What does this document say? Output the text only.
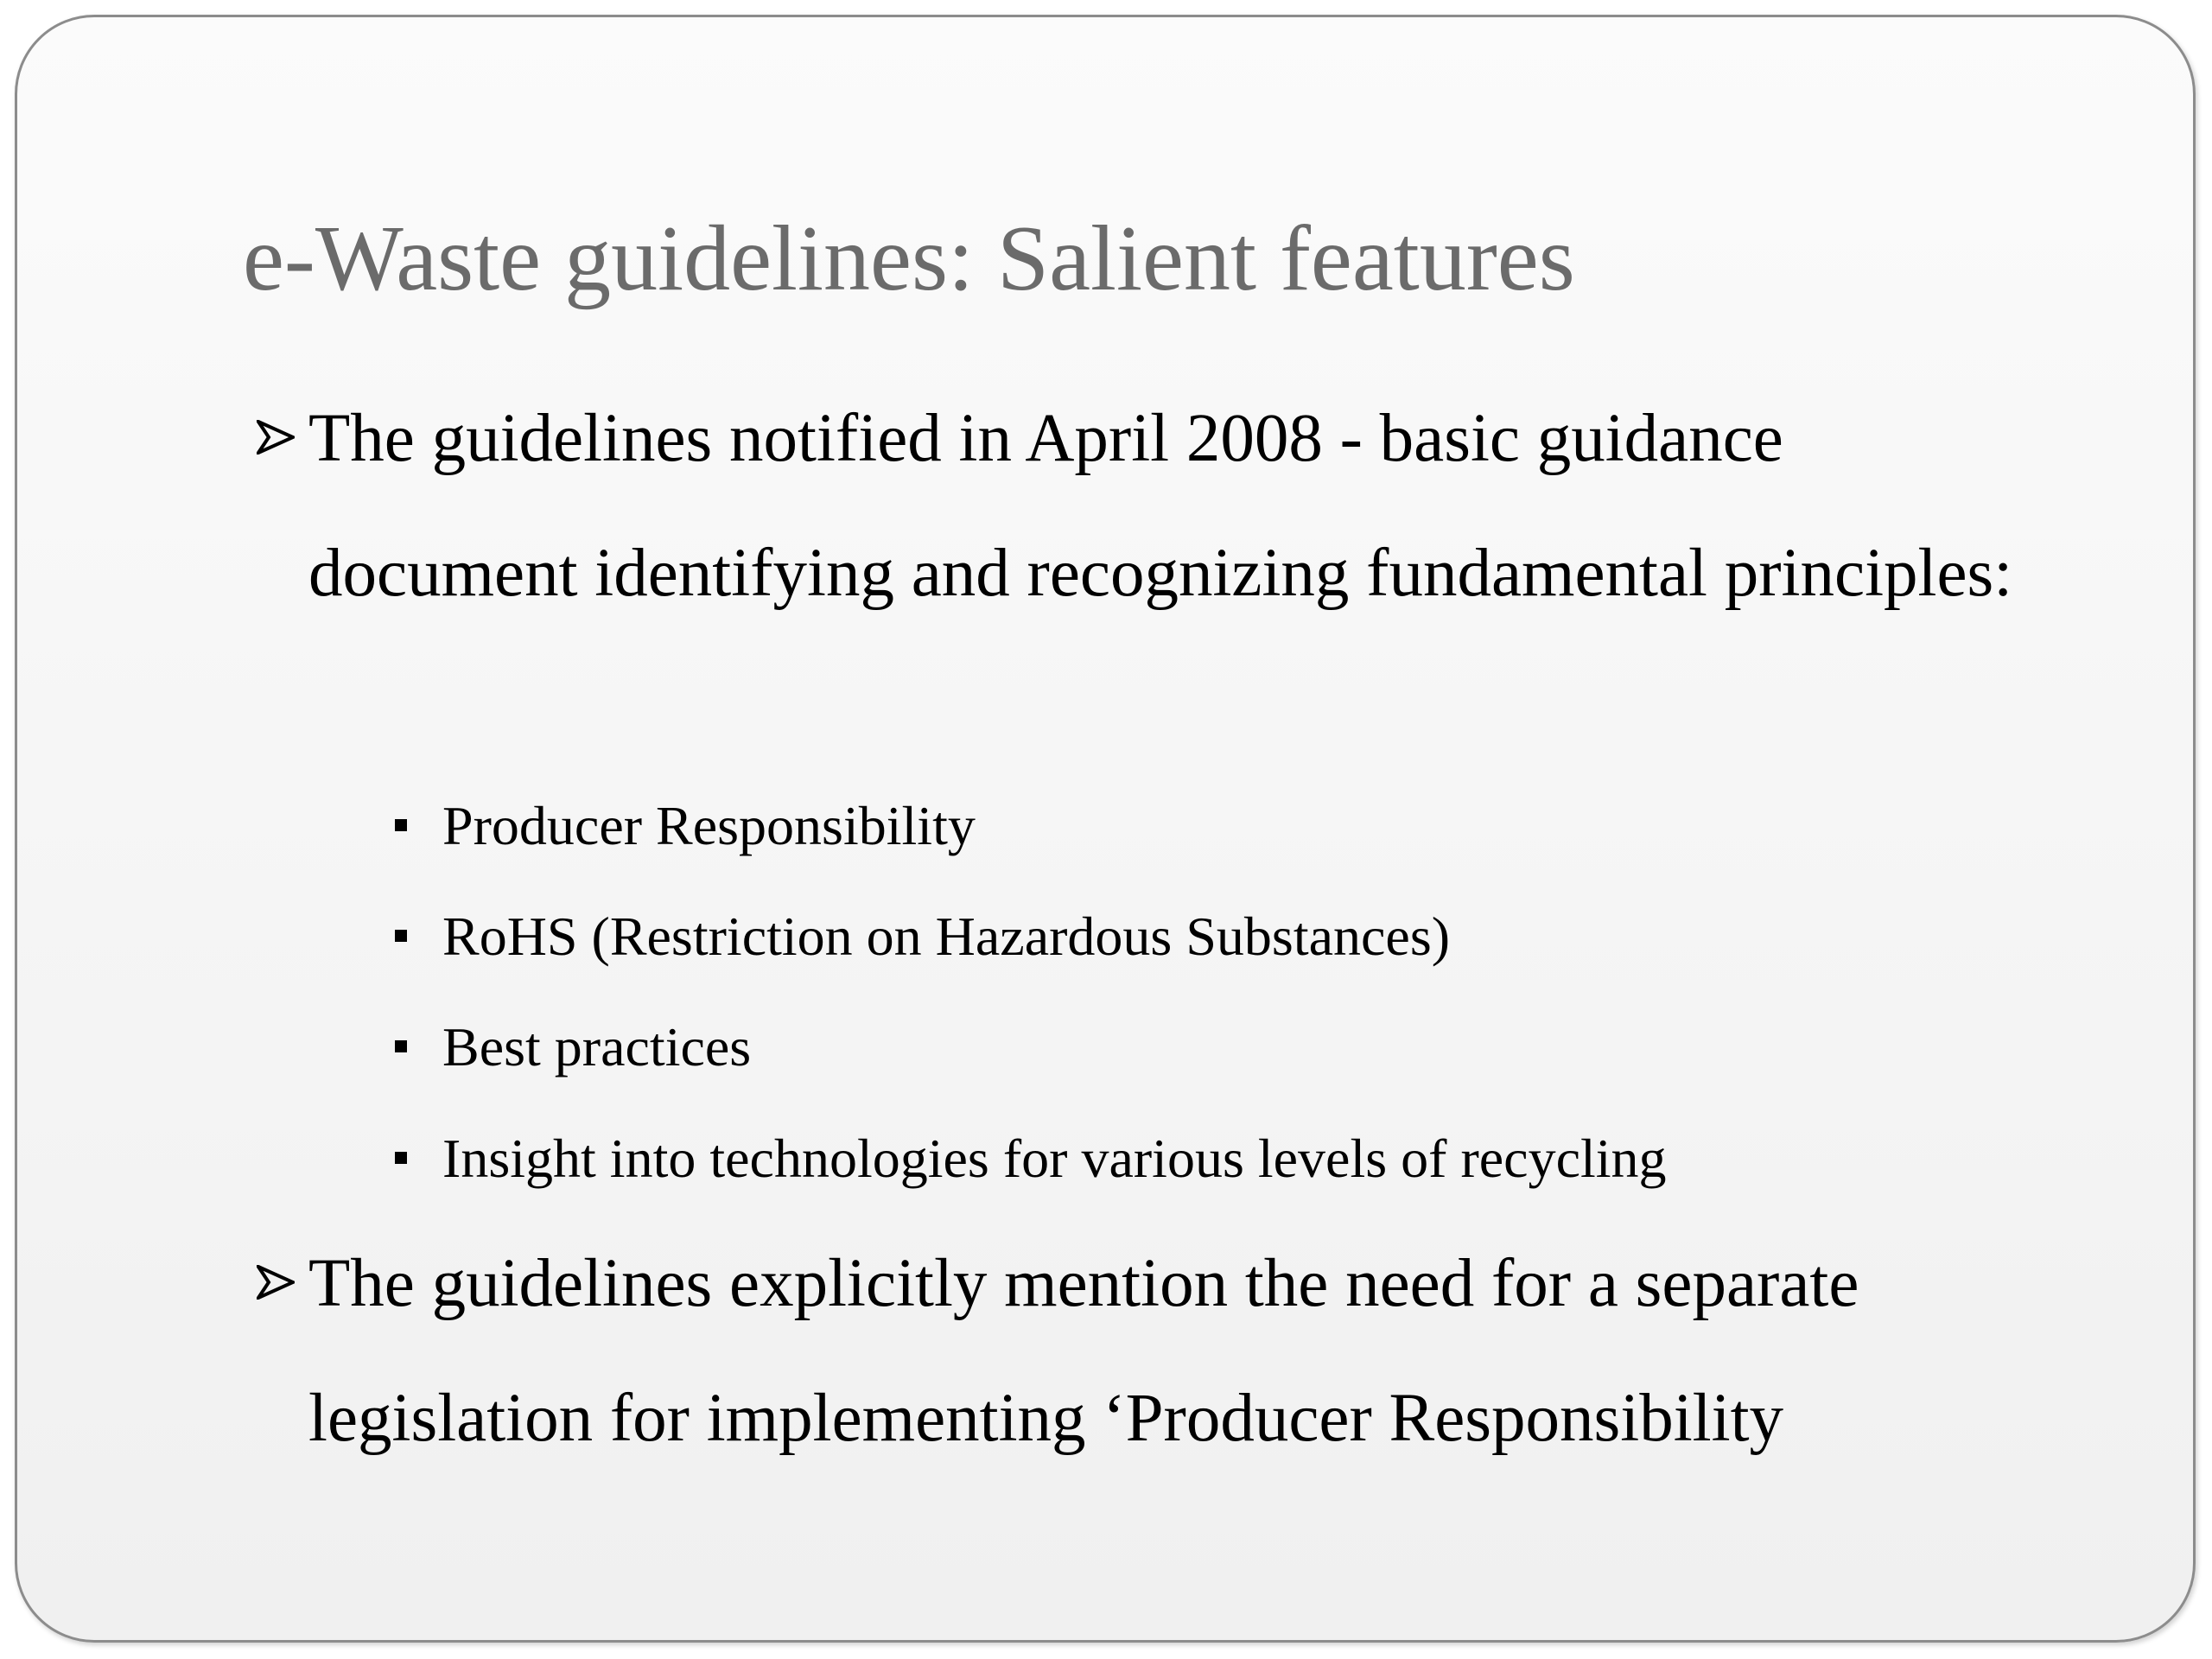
e-Waste guidelines: Salient features
The guidelines notified in April 2008 - basic guidance document identifying and recognizing fundamental principles:
Producer Responsibility
RoHS (Restriction on Hazardous Substances)
Best practices
Insight into technologies for various levels of recycling
The guidelines explicitly mention the need for a separate legislation for implementing ‘Producer Responsibility
